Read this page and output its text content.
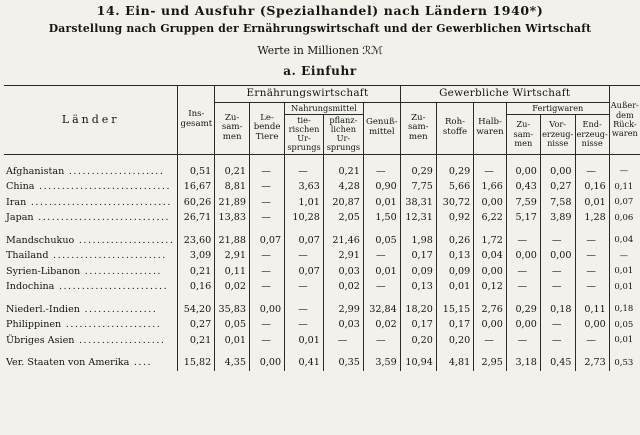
14. Ein- und Ausfuhr (Spezialhandel) nach Ländern 1940*)
Darstellung nach Gruppen der Ernährungswirtschaft und der Gewerblichen Wirtschaft
Werte in Millionen ℛℳ
a. Einfuhr
Länder	Ins-
gesamt	Ernährungswirtschaft					Gewerbliche Wirtschaft						Außer-
dem
Rück-
waren
		Zu-
sam-
men	Le-
bende
Tiere	Nahrungsmittel		Genuß-
mittel	Zu-
sam-
men	Roh-
stoffe	Halb-
waren	Fertigwaren			
				tie-
rischen
Ur-
sprungs	pflanz-
lichen
Ur-
sprungs					Zu-
sam-
men	Vor-
erzeug-
nisse	End-
erzeug-
nisse	

Afghanistan .....................	0,51	0,21	—	—	0,21	—	0,29	0,29	—	0,00	0,00	—	—
China .............................	16,67	8,81	—	3,63	4,28	0,90	7,75	5,66	1,66	0,43	0,27	0,16	0,11
Iran ...............................	60,26	21,89	—	1,01	20,87	0,01	38,31	30,72	0,00	7,59	7,58	0,01	0,07
Japan .............................	26,71	13,83	—	10,28	2,05	1,50	12,31	0,92	6,22	5,17	3,89	1,28	0,06

Mandschukuo .....................	23,60	21,88	0,07	0,07	21,46	0,05	1,98	0,26	1,72	—	—	—	0,04
Thailand .........................	3,09	2,91	—	—	2,91	—	0,17	0,13	0,04	0,00	0,00	—	—
Syrien-Libanon .................	0,21	0,11	—	0,07	0,03	0,01	0,09	0,09	0,00	—	—	—	0,01
Indochina ........................	0,16	0,02	—	—	0,02	—	0,13	0,01	0,12	—	—	—	0,01

Niederl.-Indien ................	54,20	35,83	0,00	—	2,99	32,84	18,20	15,15	2,76	0,29	0,18	0,11	0,18
Philippinen .....................	0,27	0,05	—	—	0,03	0,02	0,17	0,17	0,00	0,00	—	0,00	0,05
Übriges Asien ...................	0,21	0,01	—	0,01	—	—	0,20	0,20	—	—	—	—	0,01

Ver. Staaten von Amerika ....	15,82	4,35	0,00	0,41	0,35	3,59	10,94	4,81	2,95	3,18	0,45	2,73	0,53
